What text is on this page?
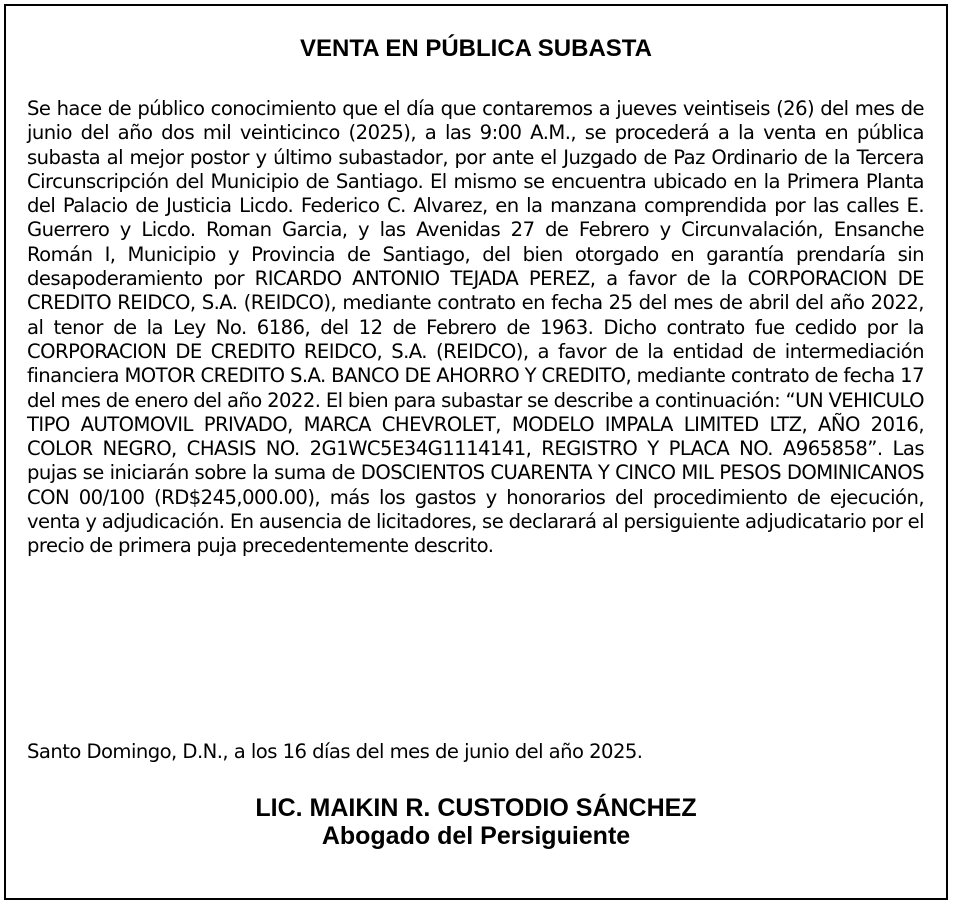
VENTA EN PÚBLICA SUBASTA

Se hace de público conocimiento que el día que contaremos a jueves veintiseis (26) del mes de junio del año dos mil veinticinco (2025), a las 9:00 A.M., se procederá a la venta en pública subasta al mejor postor y último subastador, por ante el Juzgado de Paz Ordinario de la Tercera Circunscripción del Municipio de Santiago. El mismo se encuentra ubicado en la Primera Planta del Palacio de Justicia Licdo. Federico C. Alvarez, en la manzana comprendida por las calles E. Guerrero y Licdo. Roman Garcia, y las Avenidas 27 de Febrero y Circunvalación, Ensanche Román I, Municipio y Provincia de Santiago, del bien otorgado en garantía prendaría sin desapoderamiento por RICARDO ANTONIO TEJADA PEREZ, a favor de la CORPORACION DE CREDITO REIDCO, S.A. (REIDCO), mediante contrato en fecha 25 del mes de abril del año 2022, al tenor de la Ley No. 6186, del 12 de Febrero de 1963. Dicho contrato fue cedido por la CORPORACION DE CREDITO REIDCO, S.A. (REIDCO), a favor de la entidad de intermediación financiera MOTOR CREDITO S.A. BANCO DE AHORRO Y CREDITO, mediante contrato de fecha 17 del mes de enero del año 2022. El bien para subastar se describe a continuación: “UN VEHICULO TIPO AUTOMOVIL PRIVADO, MARCA CHEVROLET, MODELO IMPALA LIMITED LTZ, AÑO 2016, COLOR NEGRO, CHASIS NO. 2G1WC5E34G1114141, REGISTRO Y PLACA NO. A965858”. Las pujas se iniciarán sobre la suma de DOSCIENTOS CUARENTA Y CINCO MIL PESOS DOMINICANOS CON 00/100 (RD$245,000.00), más los gastos y honorarios del procedimiento de ejecución, venta y adjudicación. En ausencia de licitadores, se declarará al persiguiente adjudicatario por el precio de primera puja precedentemente descrito.

Santo Domingo, D.N., a los 16 días del mes de junio del año 2025.

LIC. MAIKIN R. CUSTODIO SÁNCHEZ

Abogado del Persiguiente
